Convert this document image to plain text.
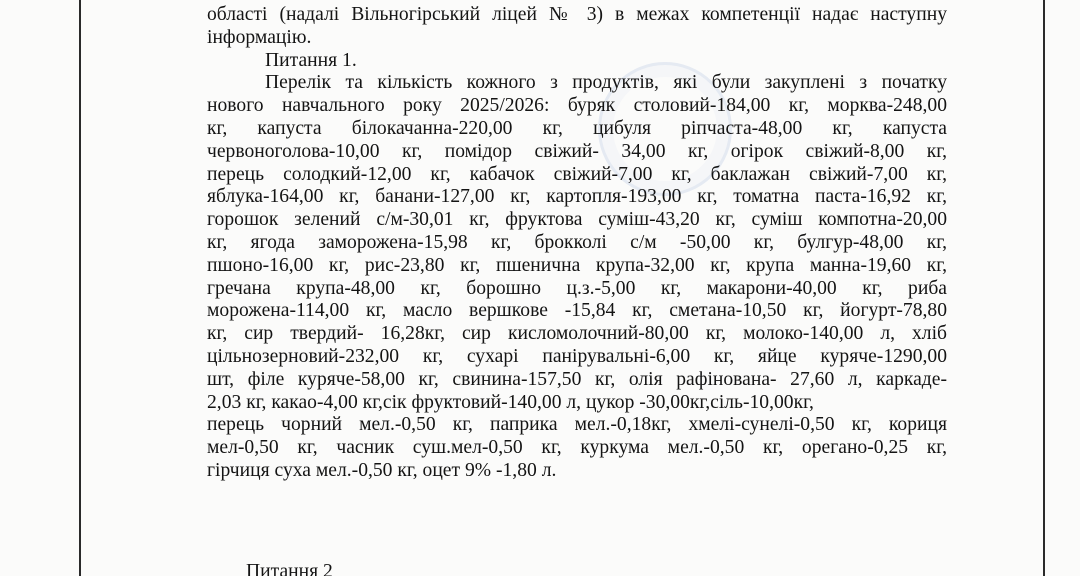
області (надалі Вільногірський ліцей № 3) в межах компетенції надає наступну
інформацію.
Питання 1.
Перелік та кількість кожного з продуктів, які були закуплені з початку
нового навчального року 2025/2026: буряк столовий-184,00 кг, морква-248,00
кг, капуста білокачанна-220,00 кг, цибуля ріпчаста-48,00 кг, капуста
червоноголова-10,00 кг, помідор свіжий- 34,00 кг, огірок свіжий-8,00 кг,
перець солодкий-12,00 кг, кабачок свіжий-7,00 кг, баклажан свіжий-7,00 кг,
яблука-164,00 кг, банани-127,00 кг, картопля-193,00 кг, томатна паста-16,92 кг,
горошок зелений с/м-30,01 кг, фруктова суміш-43,20 кг, суміш компотна-20,00
кг, ягода заморожена-15,98 кг, брокколі с/м -50,00 кг, булгур-48,00 кг,
пшоно-16,00 кг, рис-23,80 кг, пшенична крупа-32,00 кг, крупа манна-19,60 кг,
гречана крупа-48,00 кг, борошно ц.з.-5,00 кг, макарони-40,00 кг, риба
морожена-114,00 кг, масло вершкове -15,84 кг, сметана-10,50 кг, йогурт-78,80
кг, сир твердий- 16,28кг, сир кисломолочний-80,00 кг, молоко-140,00 л, хліб
цільнозерновий-232,00 кг, сухарі панірувальні-6,00 кг, яйце куряче-1290,00
шт, філе куряче-58,00 кг, свинина-157,50 кг, олія рафінована- 27,60 л, каркаде-
2,03 кг, какао-4,00 кг,сік фруктовий-140,00 л, цукор -30,00кг,сіль-10,00кг,
перець чорний мел.-0,50 кг, паприка мел.-0,18кг, хмелі-сунелі-0,50 кг, кориця
мел-0,50 кг, часник суш.мел-0,50 кг, куркума мел.-0,50 кг, орегано-0,25 кг,
гірчиця суха мел.-0,50 кг, оцет 9% -1,80 л.
Питання 2
